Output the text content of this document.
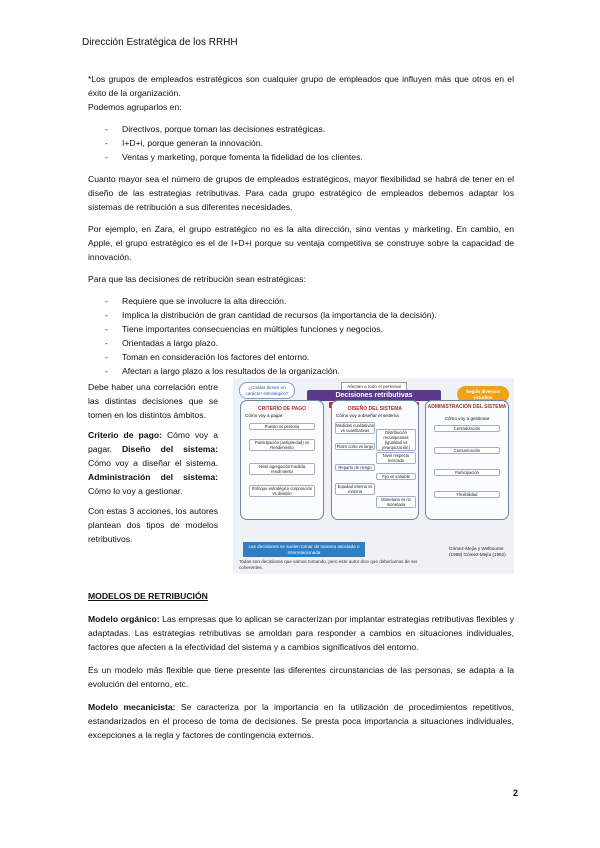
Dirección Estratégica de los RRHH

*Los grupos de empleados estratégicos son cualquier grupo de empleados que influyen más que otros en el éxito de la organización.

Podemos agruparlos en:

- Directivos, porque toman las decisiones estratégicas.
- I+D+i, porque generan la innovación.
- Ventas y marketing, porque fomenta la fidelidad de los clientes.

Cuanto mayor sea el número de grupos de empleados estratégicos, mayor flexibilidad se habrá de tener en el diseño de las estrategias retributivas. Para cada grupo estratégico de empleados debemos adaptar los sistemas de retribución a sus diferentes necesidades.

Por ejemplo, en Zara, el grupo estratégico no es la alta dirección, sino ventas y marketing. En cambio, en Apple, el grupo estratégico es el de I+D+i porque su ventaja competitiva se construye sobre la capacidad de innovación.

Para que las decisiones de retribución sean estratégicas:

- Requiere que se involucre la alta dirección.
- Implica la distribución de gran cantidad de recursos (la importancia de la decisión).
- Tiene importantes consecuencias en múltiples funciones y negocios.
- Orientadas a largo plazo.
- Toman en consideración los factores del entorno.
- Afectan a largo plazo a los resultados de la organización.

Debe haber una correlación entre las distintas decisiones que se tomen en los distintos ámbitos.

Criterio de pago: Cómo voy a pagar. Diseño del sistema: Cómo voy a diseñar el sistema. Administración del sistema: Cómo lo voy a gestionar.

Con estas 3 acciones, los autores plantean dos tipos de modelos retributivos.

¿Cuáles tienen un carácter estratégico?
Afectan a todo el personal
Decisiones retributivas
Según diversos estudios
CRITERIO DE PAGO
Cómo voy a pagar
Puesto vs persona
Participación (antigüedad) vs Rendimiento
Nivel agregación medida rendimiento
Enfoque estratégico corporación vs división
DISEÑO DEL SISTEMA
Cómo voy a diseñar el sistema
Medidas cualitativas vs cuantitativas	Distribución recompensas (igualdad vs jerarquización)
Plazo corto vs largo
Nivel respecto mercado
Reparto de riesgo
Fijo vs variable
Equidad interna vs externa
Monetaria vs no monetaria
ADMINISTRACIÓN DEL SISTEMA
Cómo voy a gestionar
Centralización
Comunicación
Participación
Flexibilidad
Las decisiones se suelen tomar de manera asociada o interrelacionada
Todas son decisiones que vamos tomando, pero este autor dice que deberíamos de ser coherentes.
Gómez-Mejía y Welbourne (1998) Gómez-Mejía (1992)

MODELOS DE RETRIBUCIÓN

Modelo orgánico: Las empresas que lo aplican se caracterizan por implantar estrategias retributivas flexibles y adaptadas. Las estrategias retributivas se amoldan para responder a cambios en situaciones individuales, factores que afecten a la efectividad del sistema y a cambios significativos del entorno.

Es un modelo más flexible que tiene presente las diferentes circunstancias de las personas, se adapta a la evolución del entorno, etc.

Modelo mecanicista: Se caracteriza por la importancia en la utilización de procedimientos repetitivos, estandarizados en el proceso de toma de decisiones. Se presta poca importancia a situaciones individuales, excepciones a la regla y factores de contingencia externos.

2
